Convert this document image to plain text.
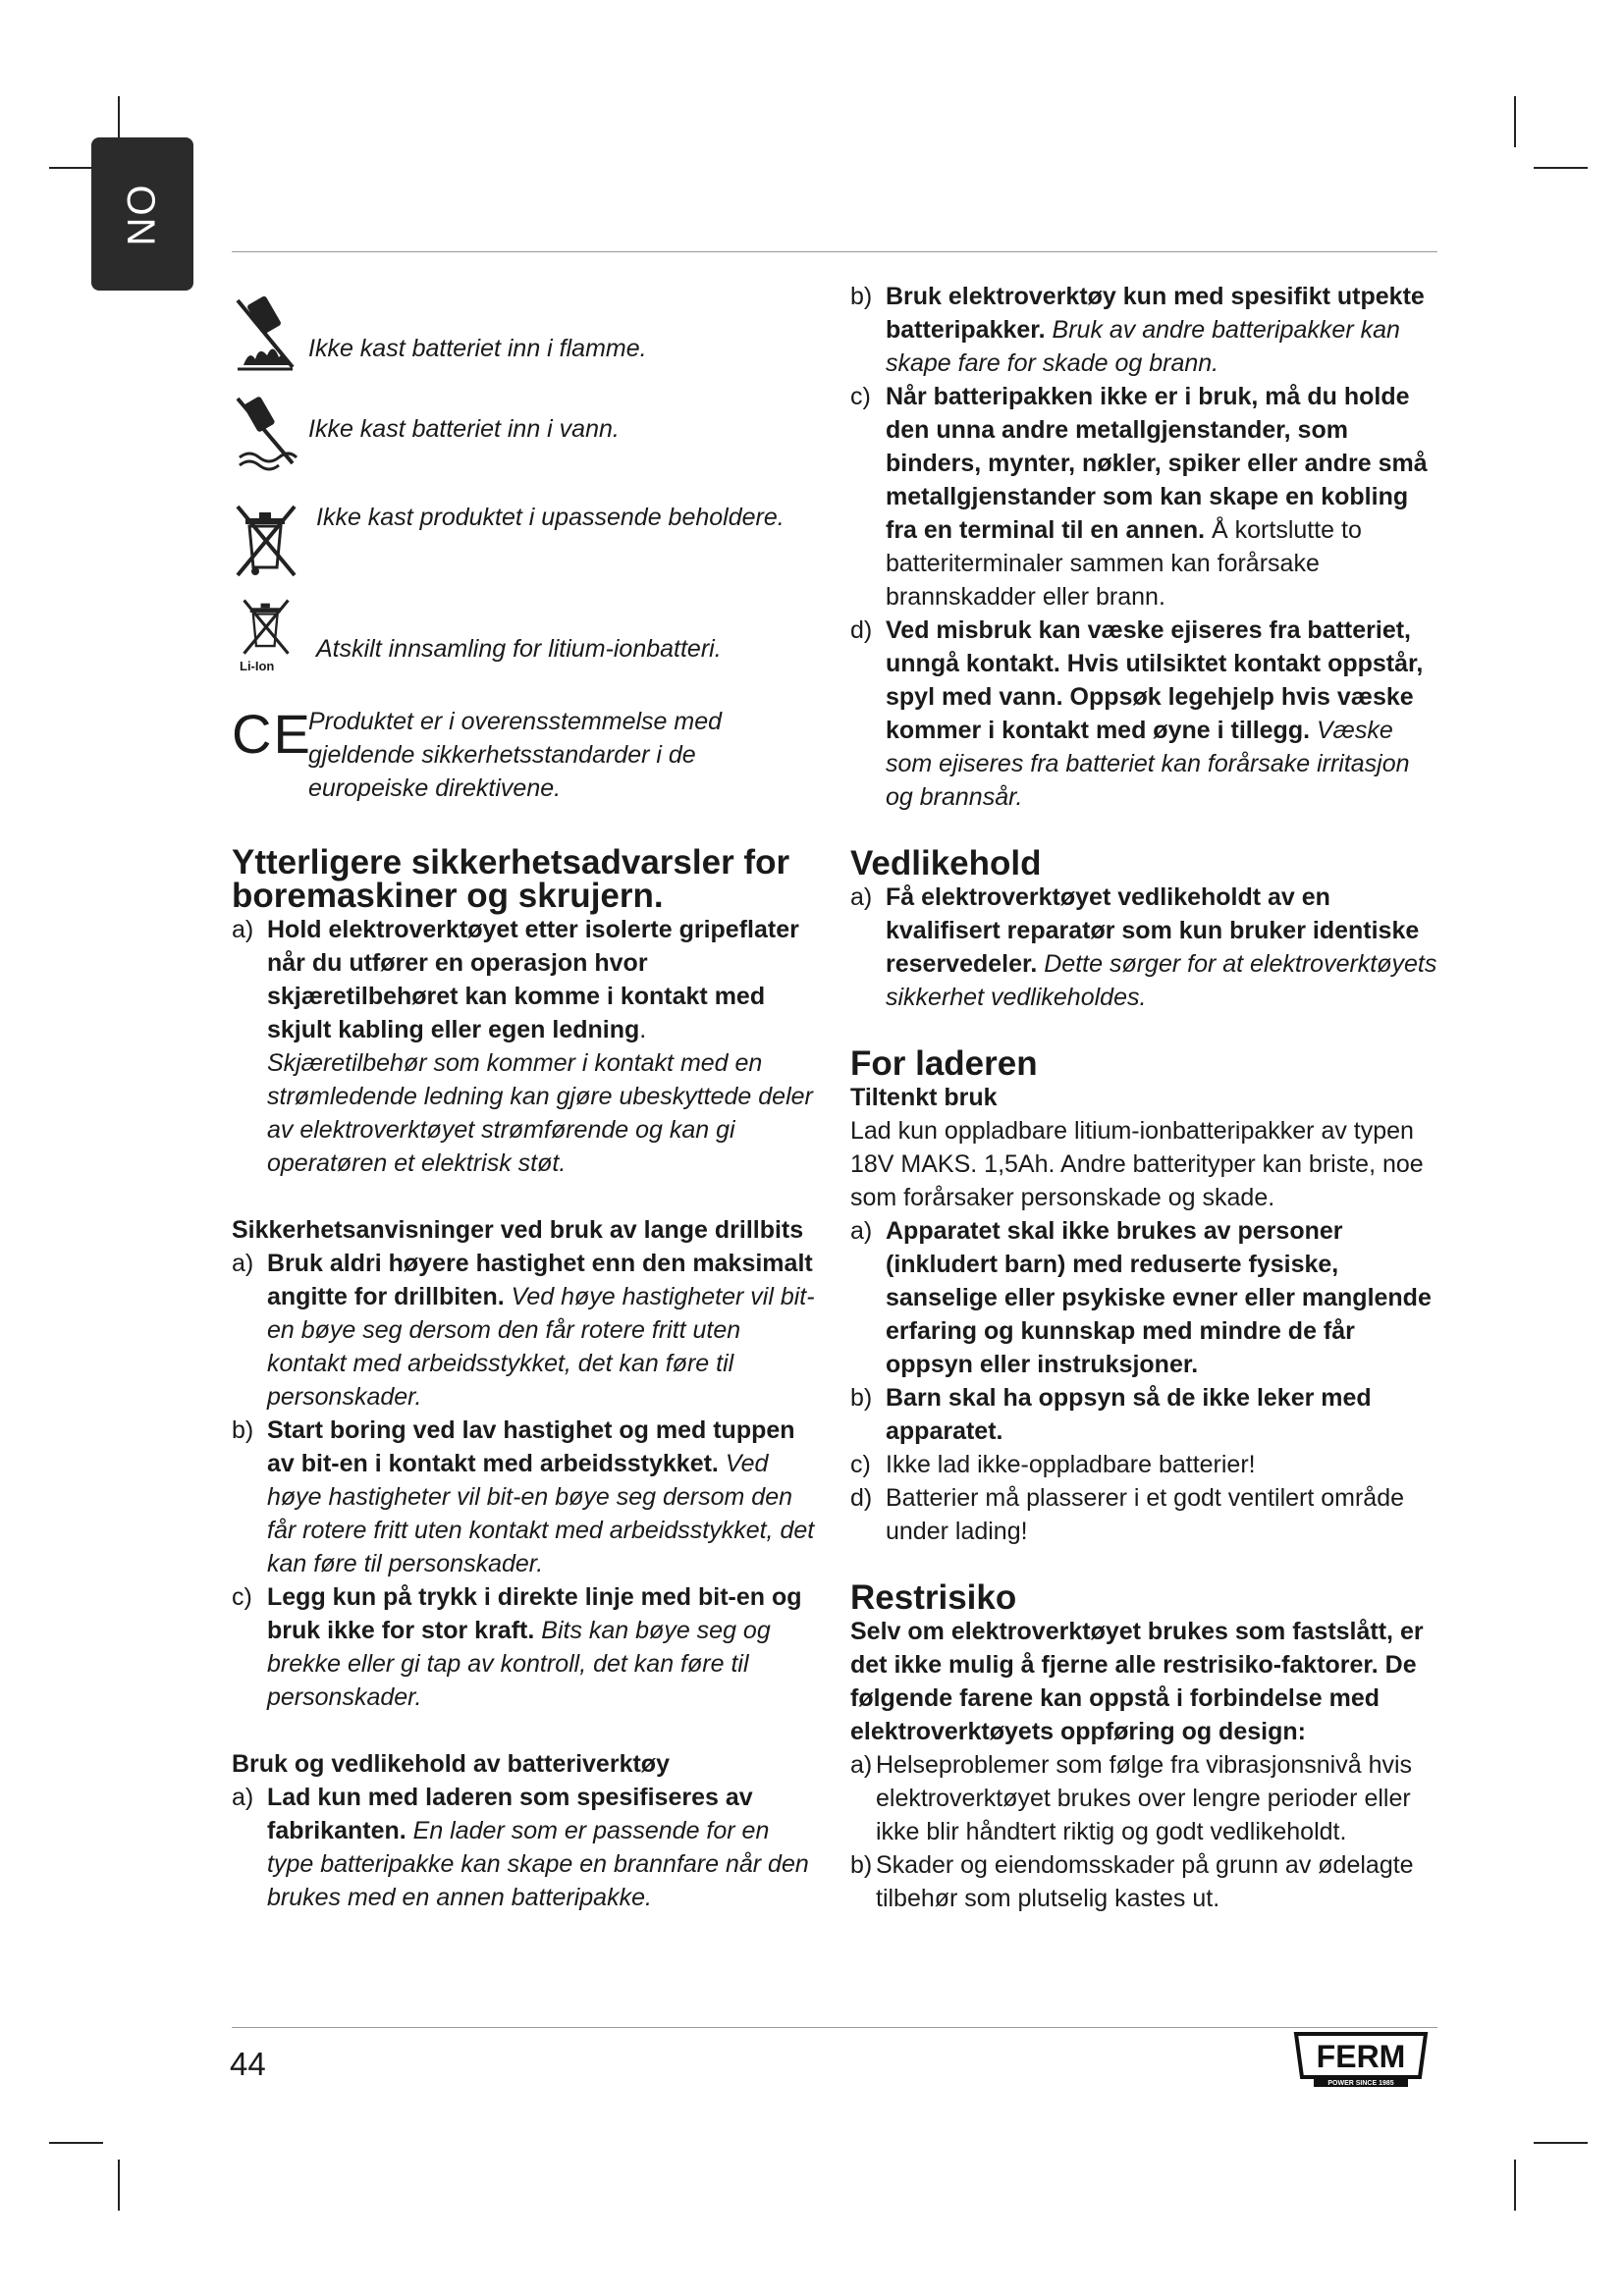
NO
Ikke kast batteriet inn i flamme.
Ikke kast batteriet inn i vann.
Ikke kast produktet i upassende beholdere.
Li-Ion
Atskilt innsamling for litium-ionbatteri.
CE
Produktet er i overensstemmelse med gjeldende sikkerhetsstandarder i de europeiske direktivene.
Ytterligere sikkerhetsadvarsler for boremaskiner og skrujern.
a) Hold elektroverktøyet etter isolerte gripeflater når du utfører en operasjon hvor skjæretilbehøret kan komme i kontakt med skjult kabling eller egen ledning.
Skjæretilbehør som kommer i kontakt med en strømledende ledning kan gjøre ubeskyttede deler av elektroverktøyet strømførende og kan gi operatøren et elektrisk støt.
Sikkerhetsanvisninger ved bruk av lange drillbits
a) Bruk aldri høyere hastighet enn den maksimalt angitte for drillbiten. Ved høye hastigheter vil bit-en bøye seg dersom den får rotere fritt uten kontakt med arbeidsstykket, det kan føre til personskader.
b) Start boring ved lav hastighet og med tuppen av bit-en i kontakt med arbeidsstykket. Ved høye hastigheter vil bit-en bøye seg dersom den får rotere fritt uten kontakt med arbeidsstykket, det kan føre til personskader.
c) Legg kun på trykk i direkte linje med bit-en og bruk ikke for stor kraft. Bits kan bøye seg og brekke eller gi tap av kontroll, det kan føre til personskader.
Bruk og vedlikehold av batteriverktøy
a) Lad kun med laderen som spesifiseres av fabrikanten. En lader som er passende for en type batteripakke kan skape en brannfare når den brukes med en annen batteripakke.
b) Bruk elektroverktøy kun med spesifikt utpekte batteripakker. Bruk av andre batteripakker kan skape fare for skade og brann.
c) Når batteripakken ikke er i bruk, må du holde den unna andre metallgjenstander, som binders, mynter, nøkler, spiker eller andre små metallgjenstander som kan skape en kobling fra en terminal til en annen. Å kortslutte to batteriterminaler sammen kan forårsake brannskadder eller brann.
d) Ved misbruk kan væske ejiseres fra batteriet, unngå kontakt. Hvis utilsiktet kontakt oppstår, spyl med vann. Oppsøk legehjelp hvis væske kommer i kontakt med øyne i tillegg. Væske som ejiseres fra batteriet kan forårsake irritasjon og brannsår.
Vedlikehold
a) Få elektroverktøyet vedlikeholdt av en kvalifisert reparatør som kun bruker identiske reservedeler. Dette sørger for at elektroverktøyets sikkerhet vedlikeholdes.
For laderen
Tiltenkt bruk

Lad kun oppladbare litium-ionbatteripakker av typen 18V MAKS. 1,5Ah. Andre batterityper kan briste, noe som forårsaker personskade og skade.

a) Apparatet skal ikke brukes av personer (inkludert barn) med reduserte fysiske, sanselige eller psykiske evner eller manglende erfaring og kunnskap med mindre de får oppsyn eller instruksjoner.
b) Barn skal ha oppsyn så de ikke leker med apparatet.
c) Ikke lad ikke-oppladbare batterier!
d) Batterier må plasserer i et godt ventilert område under lading!
Restrisiko

Selv om elektroverktøyet brukes som fastslått, er det ikke mulig å fjerne alle restrisiko-faktorer. De følgende farene kan oppstå i forbindelse med elektroverktøyets oppføring og design:

a) Helseproblemer som følge fra vibrasjonsnivå hvis elektroverktøyet brukes over lengre perioder eller ikke blir håndtert riktig og godt vedlikeholdt.
b) Skader og eiendomsskader på grunn av ødelagte tilbehør som plutselig kastes ut.
44	FERM
POWER SINCE 1985
